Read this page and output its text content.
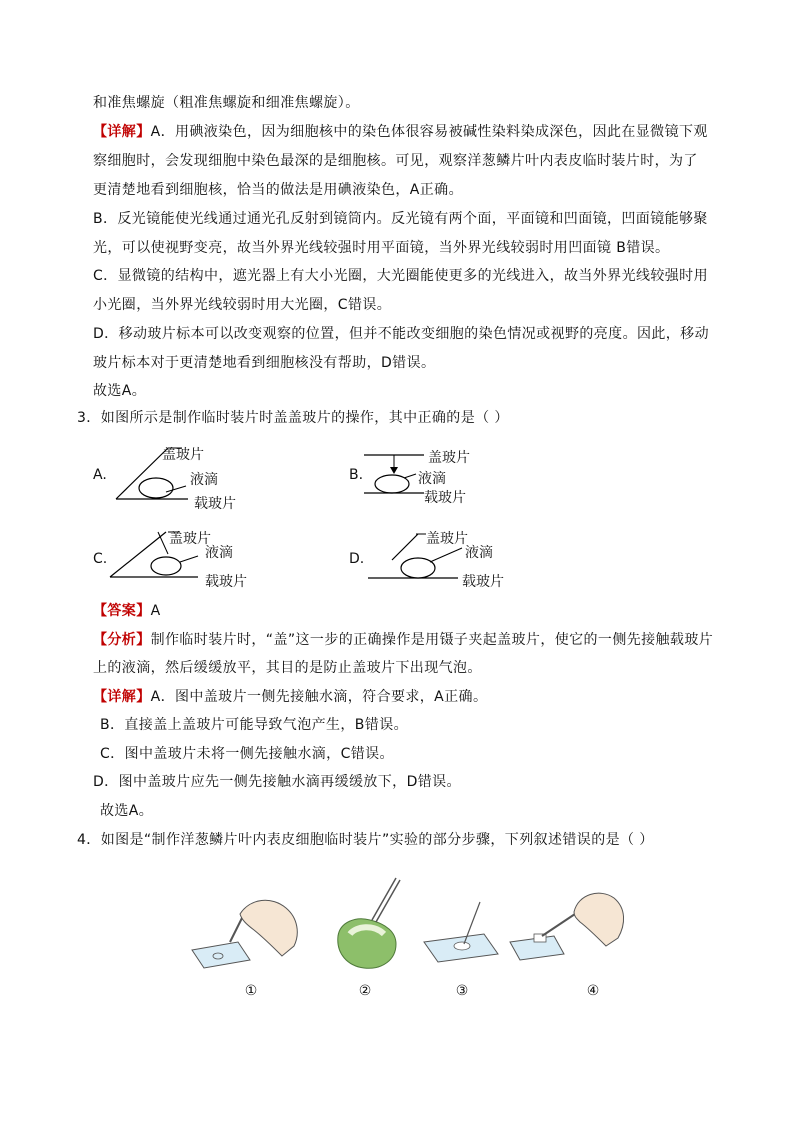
和准焦螺旋（粗准焦螺旋和细准焦螺旋）。
【详解】A．用碘液染色，因为细胞核中的染色体很容易被碱性染料染成深色，因此在显微镜下观
察细胞时，会发现细胞中染色最深的是细胞核。可见，观察洋葱鳞片叶内表皮临时装片时，为了
更清楚地看到细胞核，恰当的做法是用碘液染色，A正确。
B．反光镜能使光线通过通光孔反射到镜筒内。反光镜有两个面，平面镜和凹面镜，凹面镜能够聚
光，可以使视野变亮，故当外界光线较强时用平面镜，当外界光线较弱时用凹面镜 B错误。
C．显微镜的结构中，遮光器上有大小光圈，大光圈能使更多的光线进入，故当外界光线较强时用
小光圈，当外界光线较弱时用大光圈，C错误。
D．移动玻片标本可以改变观察的位置，但并不能改变细胞的染色情况或视野的亮度。因此，移动
玻片标本对于更清楚地看到细胞核没有帮助，D错误。
故选A。
3．如图所示是制作临时装片时盖盖玻片的操作，其中正确的是（ ）
A.
盖玻片
液滴
载玻片
B.
盖玻片
液滴
载玻片
C.
盖玻片
液滴
载玻片
D.
盖玻片
液滴
载玻片
【答案】A
【分析】制作临时装片时，“盖”这一步的正确操作是用镊子夹起盖玻片，使它的一侧先接触载玻片
上的液滴，然后缓缓放平，其目的是防止盖玻片下出现气泡。
【详解】A．图中盖玻片一侧先接触水滴，符合要求，A正确。
B．直接盖上盖玻片可能导致气泡产生，B错误。
C．图中盖玻片未将一侧先接触水滴，C错误。
D．图中盖玻片应先一侧先接触水滴再缓缓放下，D错误。
故选A。
4．如图是“制作洋葱鳞片叶内表皮细胞临时装片”实验的部分步骤，下列叙述错误的是（ ）
①	②	③	④
